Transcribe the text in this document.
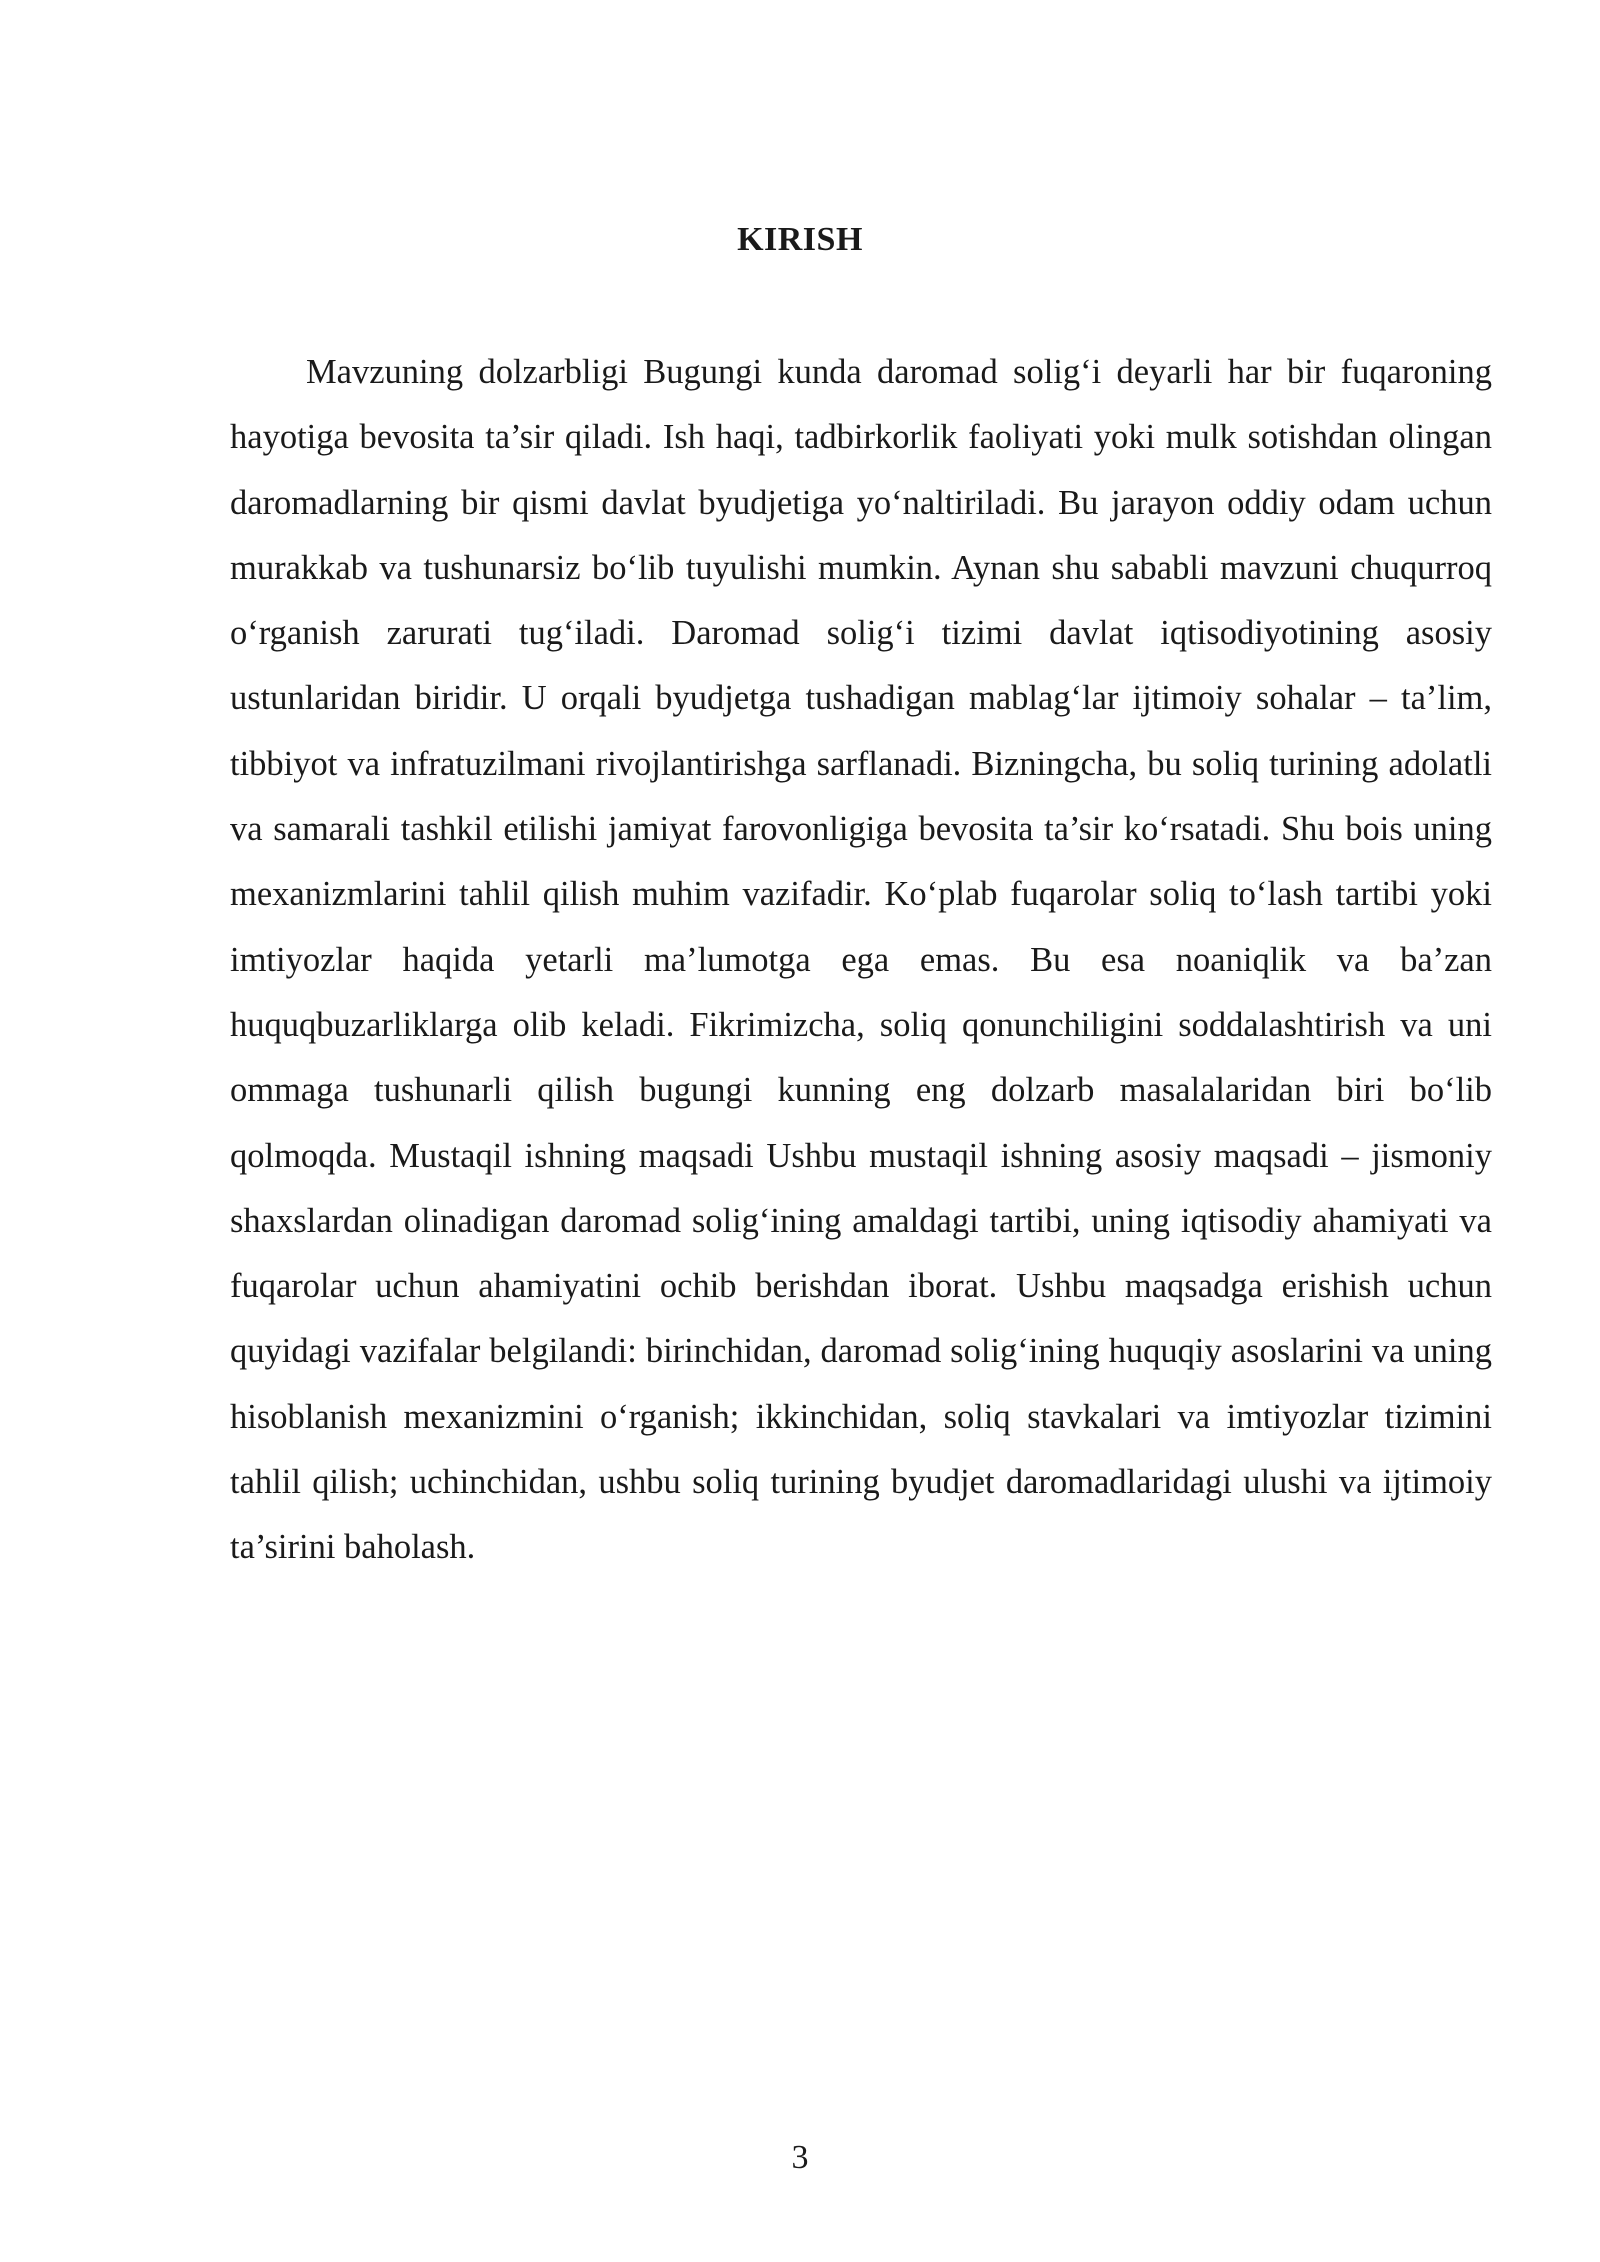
KIRISH

Mavzuning dolzarbligi Bugungi kunda daromad solig‘i deyarli har bir fuqaroning hayotiga bevosita ta’sir qiladi. Ish haqi, tadbirkorlik faoliyati yoki mulk sotishdan olingan daromadlarning bir qismi davlat byudjetiga yo‘naltiriladi. Bu jarayon oddiy odam uchun murakkab va tushunarsiz bo‘lib tuyulishi mumkin. Aynan shu sababli mavzuni chuqurroq o‘rganish zarurati tug‘iladi. Daromad solig‘i tizimi davlat iqtisodiyotining asosiy ustunlaridan biridir. U orqali byudjetga tushadigan mablag‘lar ijtimoiy sohalar – ta’lim, tibbiyot va infratuzilmani rivojlantirishga sarflanadi. Bizningcha, bu soliq turining adolatli va samarali tashkil etilishi jamiyat farovonligiga bevosita ta’sir ko‘rsatadi. Shu bois uning mexanizmlarini tahlil qilish muhim vazifadir. Ko‘plab fuqarolar soliq to‘lash tartibi yoki imtiyozlar haqida yetarli ma’lumotga ega emas. Bu esa noaniqlik va ba’zan huquqbuzarliklarga olib keladi. Fikrimizcha, soliq qonunchiligini soddalashtirish va uni ommaga tushunarli qilish bugungi kunning eng dolzarb masalalaridan biri bo‘lib qolmoqda. Mustaqil ishning maqsadi Ushbu mustaqil ishning asosiy maqsadi – jismoniy shaxslardan olinadigan daromad solig‘ining amaldagi tartibi, uning iqtisodiy ahamiyati va fuqarolar uchun ahamiyatini ochib berishdan iborat. Ushbu maqsadga erishish uchun quyidagi vazifalar belgilandi: birinchidan, daromad solig‘ining huquqiy asoslarini va uning hisoblanish mexanizmini o‘rganish; ikkinchidan, soliq stavkalari va imtiyozlar tizimini tahlil qilish; uchinchidan, ushbu soliq turining byudjet daromadlaridagi ulushi va ijtimoiy ta’sirini baholash.

3
